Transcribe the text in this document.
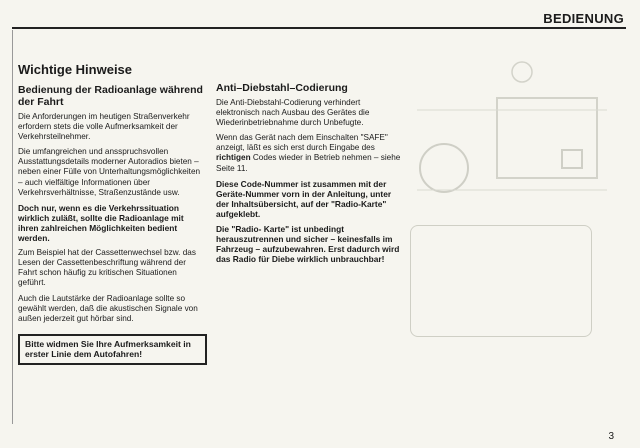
BEDIENUNG
Wichtige Hinweise
Bedienung der Radioanlage während der Fahrt

Die Anforderungen im heutigen Straßenverkehr erfordern stets die volle Aufmerksamkeit der Verkehrsteilnehmer.

Die umfangreichen und ansspruchsvollen Ausstattungsdetails moderner Autoradios bieten – neben einer Fülle von Unterhaltungsmöglichkeiten – auch vielfältige Informationen über Verkehrsverhältnisse, Straßenzustände usw.

Doch nur, wenn es die Verkehrssituation wirklich zuläßt, sollte die Radioanlage mit ihren zahlreichen Möglichkeiten bedient werden.

Zum Beispiel hat der Cassettenwechsel bzw. das Lesen der Cassettenbeschriftung während der Fahrt schon häufig zu kritischen Situationen geführt.

Auch die Lautstärke der Radioanlage sollte so gewählt werden, daß die akustischen Signale von außen jederzeit gut hörbar sind.

Bitte widmen Sie Ihre Aufmerksamkeit in erster Linie dem Autofahren!
Anti–Diebstahl–Codierung

Die Anti-Diebstahl-Codierung verhindert elektronisch nach Ausbau des Gerätes die Wiederinbetriebnahme durch Unbefugte.

Wenn das Gerät nach dem Einschalten "SAFE" anzeigt, läßt es sich erst durch Eingabe des richtigen Codes wieder in Betrieb nehmen – siehe Seite 11.

Diese Code-Nummer ist zusammen mit der Geräte-Nummer vorn in der Anleitung, unter der Inhaltsübersicht, auf der "Radio-Karte" aufgeklebt.

Die "Radio- Karte" ist unbedingt herauszutrennen und sicher – keinesfalls im Fahrzeug – aufzubewahren. Erst dadurch wird das Radio für Diebe wirklich unbrauchbar!

3
